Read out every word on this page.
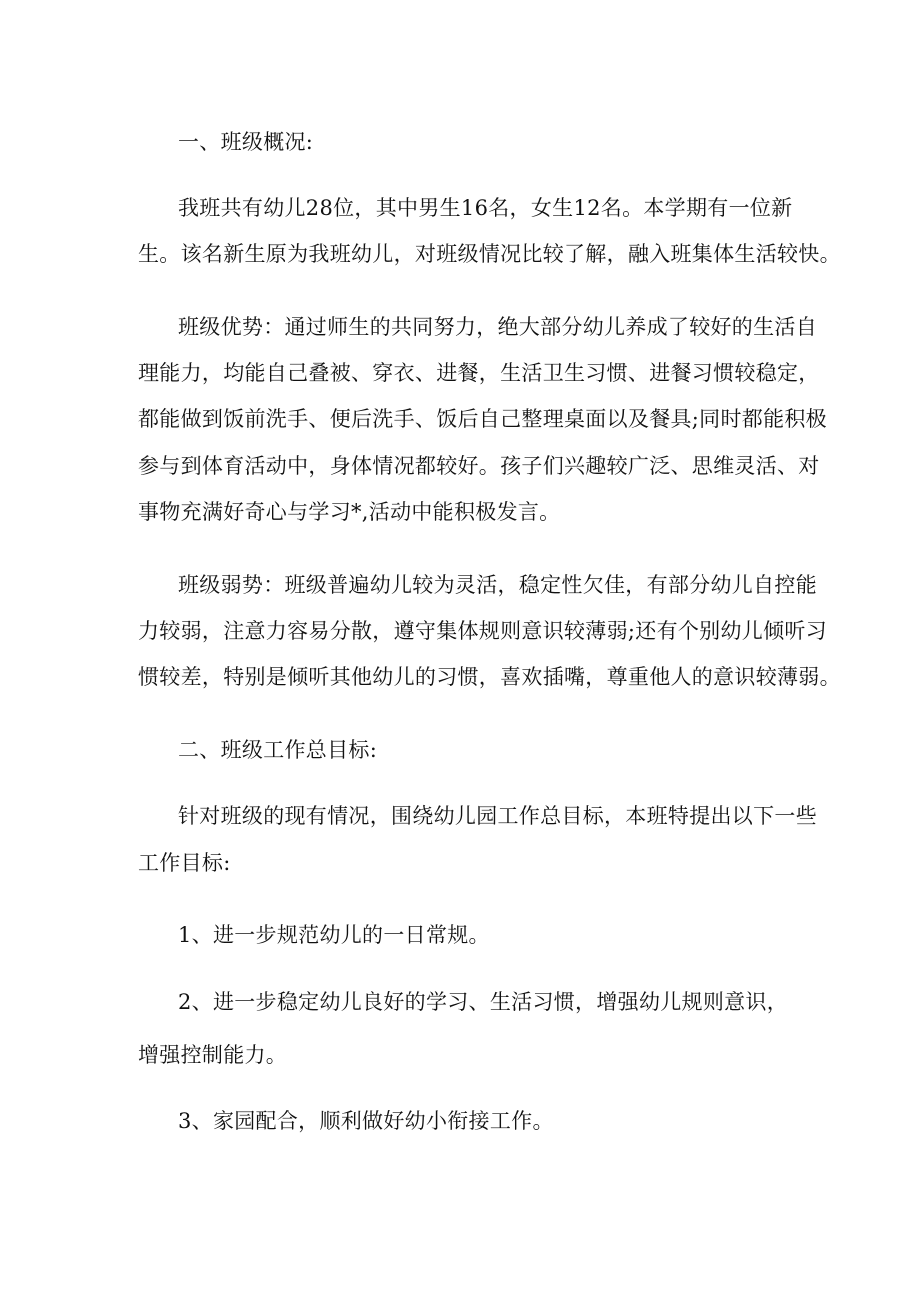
一、班级概况:
我班共有幼儿28位，其中男生16名，女生12名。本学期有一位新
生。该名新生原为我班幼儿，对班级情况比较了解，融入班集体生活较快。
班级优势：通过师生的共同努力，绝大部分幼儿养成了较好的生活自
理能力，均能自己叠被、穿衣、进餐，生活卫生习惯、进餐习惯较稳定，
都能做到饭前洗手、便后洗手、饭后自己整理桌面以及餐具;同时都能积极
参与到体育活动中，身体情况都较好。孩子们兴趣较广泛、思维灵活、对
事物充满好奇心与学习*,活动中能积极发言。
班级弱势：班级普遍幼儿较为灵活，稳定性欠佳，有部分幼儿自控能
力较弱，注意力容易分散，遵守集体规则意识较薄弱;还有个别幼儿倾听习
惯较差，特别是倾听其他幼儿的习惯，喜欢插嘴，尊重他人的意识较薄弱。
二、班级工作总目标:
针对班级的现有情况，围绕幼儿园工作总目标，本班特提出以下一些
工作目标:
1、进一步规范幼儿的一日常规。
2、进一步稳定幼儿良好的学习、生活习惯，增强幼儿规则意识，
增强控制能力。
3、家园配合，顺利做好幼小衔接工作。
